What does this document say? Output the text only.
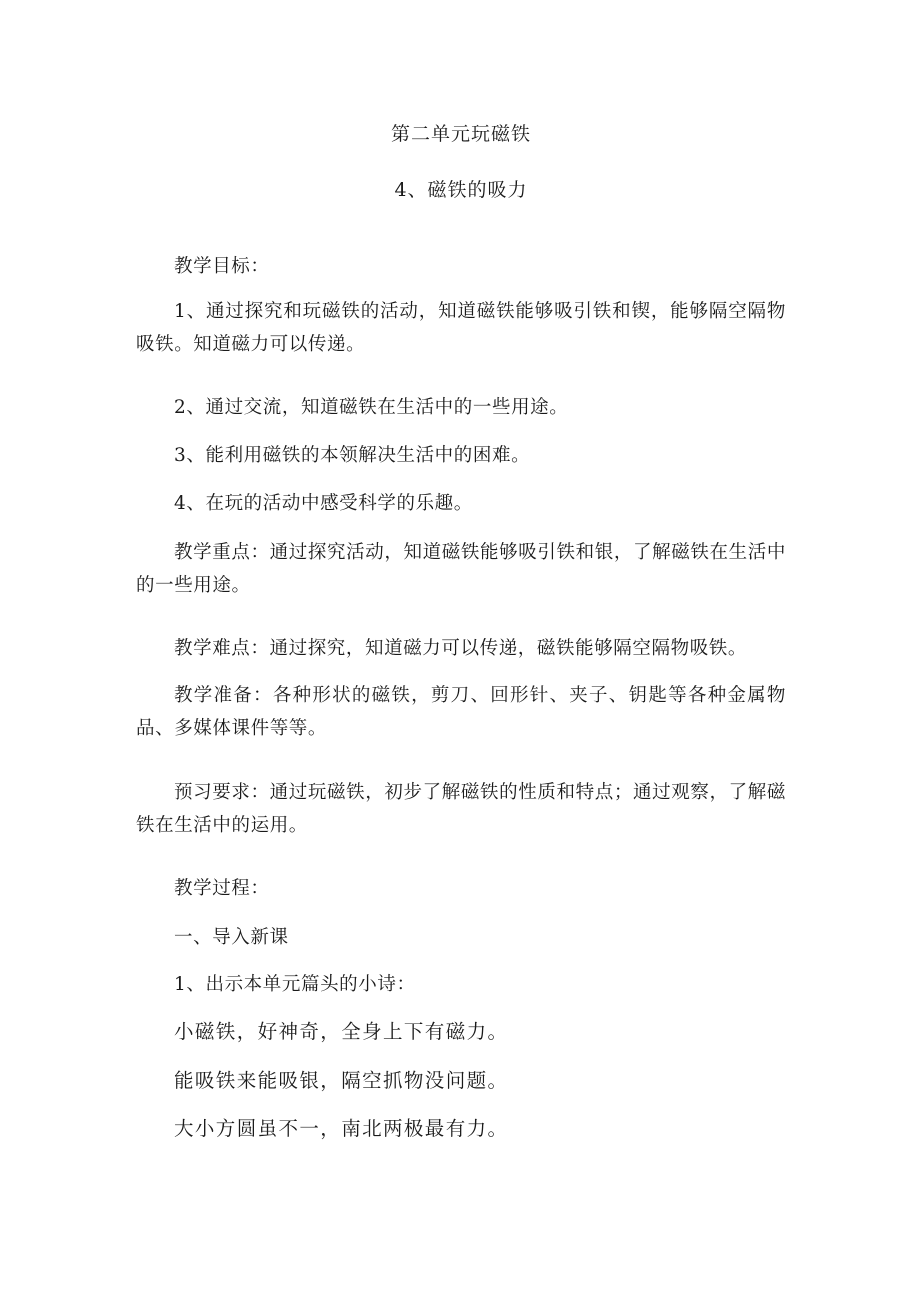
第二单元玩磁铁
4、磁铁的吸力

教学目标：

1、通过探究和玩磁铁的活动，知道磁铁能够吸引铁和锲，能够隔空隔物吸铁。知道磁力可以传递。

2、通过交流，知道磁铁在生活中的一些用途。

3、能利用磁铁的本领解决生活中的困难。

4、在玩的活动中感受科学的乐趣。

教学重点：通过探究活动，知道磁铁能够吸引铁和银，了解磁铁在生活中的一些用途。

教学难点：通过探究，知道磁力可以传递，磁铁能够隔空隔物吸铁。

教学准备：各种形状的磁铁，剪刀、回形针、夹子、钥匙等各种金属物品、多媒体课件等等。

预习要求：通过玩磁铁，初步了解磁铁的性质和特点；通过观察，了解磁铁在生活中的运用。

教学过程：

一、导入新课

1、出示本单元篇头的小诗：

小磁铁，好神奇，全身上下有磁力。

能吸铁来能吸银，隔空抓物没问题。

大小方圆虽不一，南北两极最有力。
